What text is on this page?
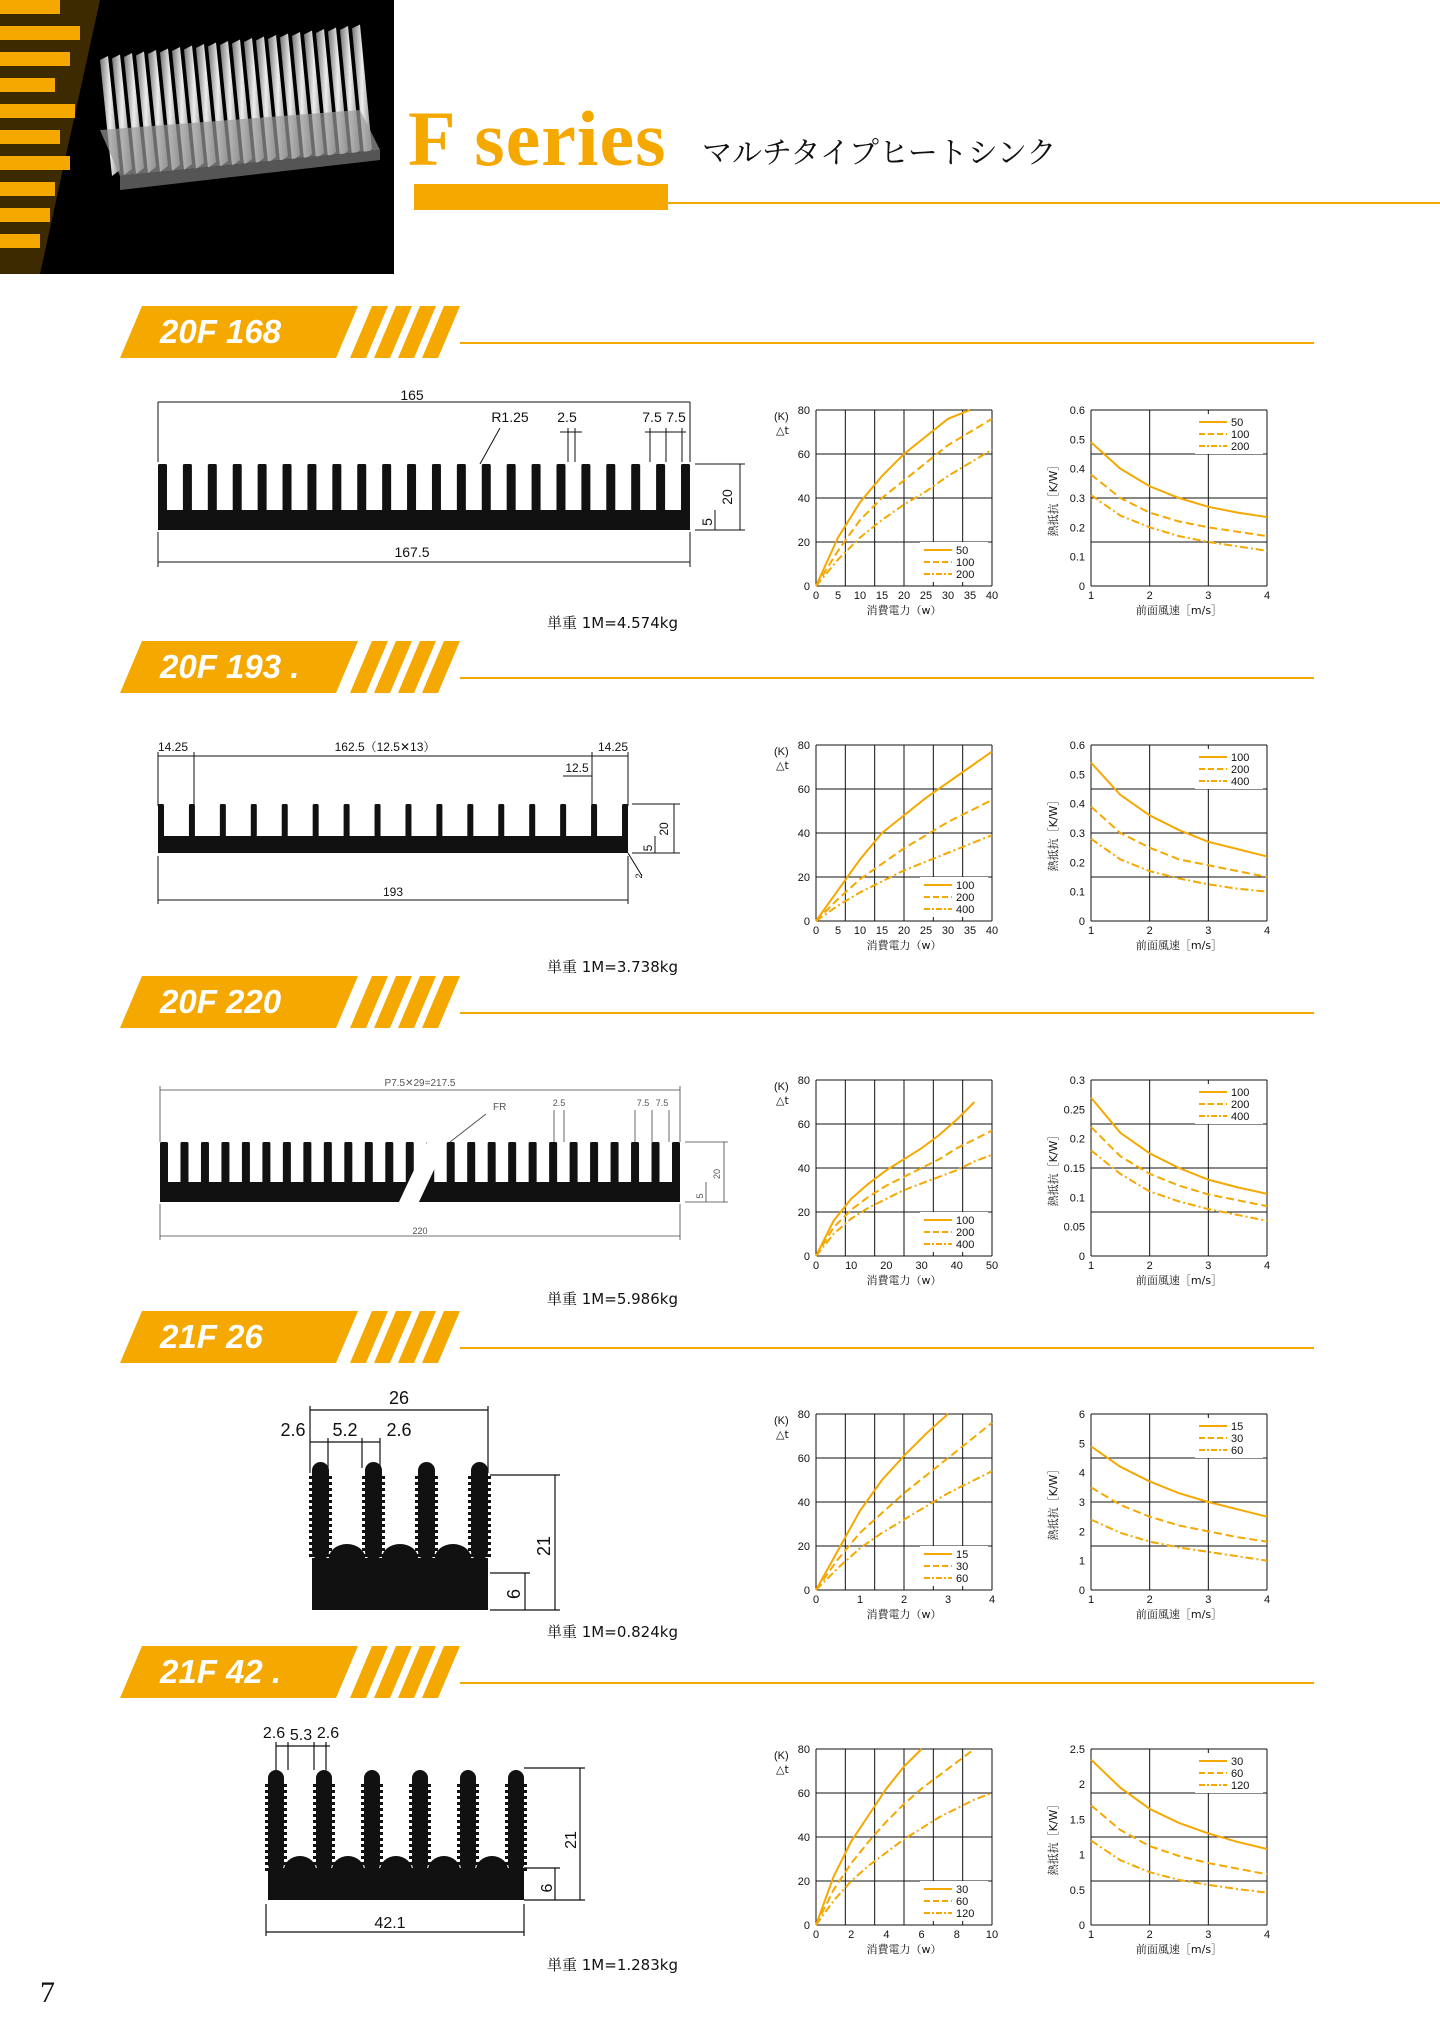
F series マルチタイプヒートシンク
20F 168
単重 1M=4.574kg
20F 193 .
単重 1M=3.738kg
20F 220
単重 1M=5.986kg
21F 26
単重 1M=0.824kg
21F 42 .
単重 1M=1.283kg
165
R1.25 2.5	7.5 7.5
167.5
20
5
14.25	162.5（12.5✕13）	14.25
12.5
193
20
5
2
P7.5✕29=217.5
FR	2.5	7.5 7.5
220
20
5
26
2.6 5.2 2.6
21
6
2.6 5.3 2.6
21
6
42.1
7
0 5 10 15 20 25 30 35 40
0
20
40
60
80
消費電力（w）
(K)
△t
50
100
200
1	2	3	4
0
0.1
0.2
0.3
0.4
0.5
0.6
前面風速［m/s］
熱抵抗［K/W］
50
100
200
0 5 10 15 20 25 30 35 40
0
20
40
60
80
消費電力（w）
(K)
△t
100
200
400
1	2	3	4
0
0.1
0.2
0.3
0.4
0.5
0.6
前面風速［m/s］
熱抵抗［K/W］
100
200
400
0 10 20 30 40 50
0
20
40
60
80
消費電力（w）
(K)
△t
100
200
400
1	2	3	4
0
0.05
0.1
0.15
0.2
0.25
0.3
前面風速［m/s］
熱抵抗［K/W］
100
200
400
0	1	2	3	4
0
20
40
60
80
消費電力（w）
(K)
△t
15
30
60
1	2	3	4
0
1
2
3
4
5
6
前面風速［m/s］
熱抵抗［K/W］
15
30
60
0	2	4	6	8 10
0
20
40
60
80
消費電力（w）
(K)
△t
30
60
120
1	2	3	4
0
0.5
1
1.5
2
2.5
前面風速［m/s］
熱抵抗［K/W］
30
60
120
